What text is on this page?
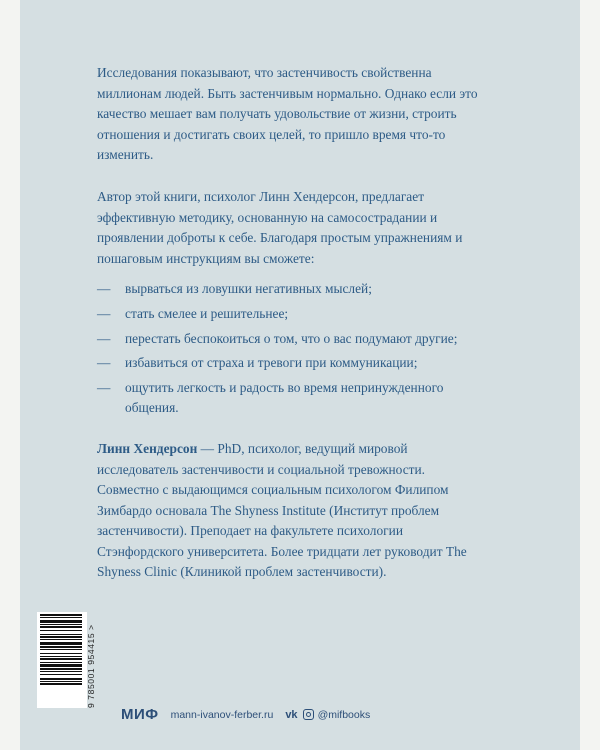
Исследования показывают, что застенчивость свойственна миллионам людей. Быть застенчивым нормально. Однако если это качество мешает вам получать удовольствие от жизни, строить отношения и достигать своих целей, то пришло время что-то изменить.

Автор этой книги, психолог Линн Хендерсон, предлагает эффективную методику, основанную на самосострадании и проявлении доброты к себе. Благодаря простым упражнениям и пошаговым инструкциям вы сможете:

— вырваться из ловушки негативных мыслей;
— стать смелее и решительнее;
— перестать беспокоиться о том, что о вас подумают другие;
— избавиться от страха и тревоги при коммуникации;
— ощутить легкость и радость во время непринужденного общения.

Линн Хендерсон — PhD, психолог, ведущий мировой исследователь застенчивости и социальной тревожности. Совместно с выдающимся социальным психологом Филипом Зимбардо основала The Shyness Institute (Институт проблем застенчивости). Преподает на факультете психологии Стэнфордского университета. Более тридцати лет руководит The Shyness Clinic (Клиникой проблем застенчивости).

9 785001 954415 >
МИФ mann-ivanov-ferber.ru vk @mifbooks
